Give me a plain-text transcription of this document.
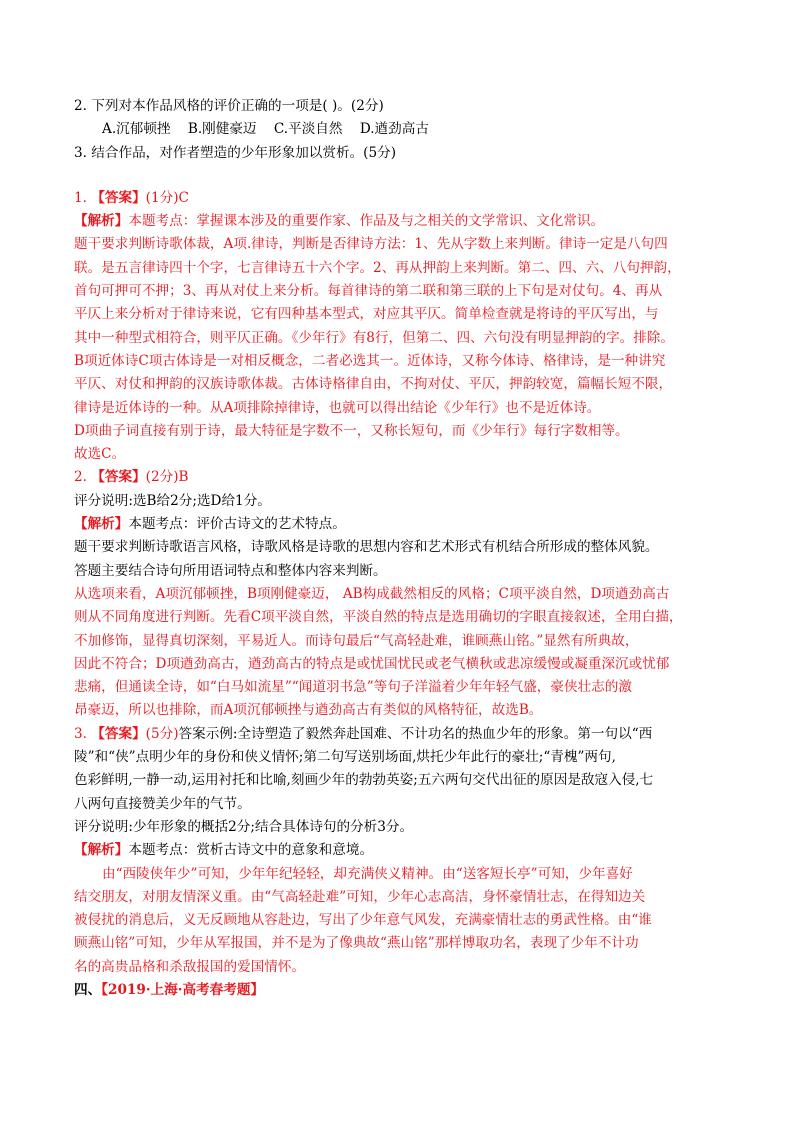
2. 下列对本作品风格的评价正确的一项是( )。(2分)
A.沉郁顿挫 B.刚健豪迈 C.平淡自然 D.遒劲高古
3. 结合作品，对作者塑造的少年形象加以赏析。(5分)
1. 【答案】(1分)C
【解析】本题考点：掌握课本涉及的重要作家、作品及与之相关的文学常识、文化常识。
题干要求判断诗歌体裁，A项.律诗，判断是否律诗方法：1、先从字数上来判断。律诗一定是八句四
联。是五言律诗四十个字，七言律诗五十六个字。2、再从押韵上来判断。第二、四、六、八句押韵，
首句可押可不押；3、再从对仗上来分析。每首律诗的第二联和第三联的上下句是对仗句。4、再从
平仄上来分析对于律诗来说，它有四种基本型式，对应其平仄。简单检查就是将诗的平仄写出，与
其中一种型式相符合，则平仄正确。《少年行》有8行，但第二、四、六句没有明显押韵的字。排除。
B项近体诗C项古体诗是一对相反概念，二者必选其一。近体诗，又称今体诗、格律诗，是一种讲究
平仄、对仗和押韵的汉族诗歌体裁。古体诗格律自由，不拘对仗、平仄，押韵较宽，篇幅长短不限，
律诗是近体诗的一种。从A项排除掉律诗，也就可以得出结论《少年行》也不是近体诗。
D项曲子词直接有别于诗，最大特征是字数不一，又称长短句，而《少年行》每行字数相等。
故选C。
2. 【答案】(2分)B
评分说明:选B给2分;选D给1分。
【解析】本题考点：评价古诗文的艺术特点。
题干要求判断诗歌语言风格，诗歌风格是诗歌的思想内容和艺术形式有机结合所形成的整体风貌。
答题主要结合诗句所用语词特点和整体内容来判断。
从选项来看，A项沉郁顿挫，B项刚健豪迈， AB构成截然相反的风格；C项平淡自然，D项遒劲高古
则从不同角度进行判断。先看C项平淡自然，平淡自然的特点是选用确切的字眼直接叙述，全用白描，
不加修饰，显得真切深刻，平易近人。而诗句最后“气高轻赴难，谁顾燕山铭。”显然有所典故，
因此不符合；D项遒劲高古，遒劲高古的特点是或忧国忧民或老气横秋或悲凉缓慢或凝重深沉或忧郁
悲痛，但通读全诗，如“白马如流星”“闻道羽书急”等句子洋溢着少年年轻气盛，豪侠壮志的激
昂豪迈，所以也排除，而A项沉郁顿挫与遒劲高古有类似的风格特征，故选B。
3. 【答案】(5分)答案示例:全诗塑造了毅然奔赴国难、不计功名的热血少年的形象。第一句以“西
陵”和“侠”点明少年的身份和侠义情怀;第二句写送别场面,烘托少年此行的豪壮;“青槐”两句,
色彩鲜明,一静一动,运用衬托和比喻,刻画少年的勃勃英姿;五六两句交代出征的原因是敌寇入侵,七
八两句直接赞美少年的气节。
评分说明:少年形象的概括2分;结合具体诗句的分析3分。
【解析】本题考点：赏析古诗文中的意象和意境。
由“西陵侠年少”可知，少年年纪轻轻，却充满侠义精神。由“送客短长亭”可知，少年喜好
结交朋友，对朋友情深义重。由“气高轻赴难”可知，少年心志高洁，身怀豪情壮志，在得知边关
被侵扰的消息后，义无反顾地从容赴边，写出了少年意气风发，充满豪情壮志的勇武性格。由“谁
顾燕山铭”可知，少年从军报国，并不是为了像典故“燕山铭”那样博取功名，表现了少年不计功
名的高贵品格和杀敌报国的爱国情怀。
四、【2019·上海·高考春考题】
